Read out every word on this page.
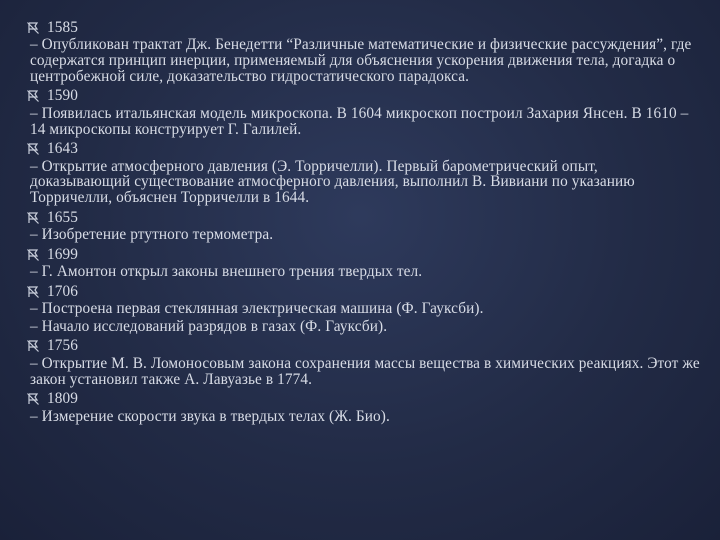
1585
– Опубликован трактат Дж. Бенедетти “Различные математические и физические рассуждения”, где содержатся принцип инерции, применяемый для объяснения ускорения движения тела, догадка о центробежной силе, доказательство гидростатического парадокса.
1590
– Появилась итальянская модель микроскопа. В 1604 микроскоп построил Захария Янсен. В 1610 – 14 микроскопы конструирует Г. Галилей.
1643
– Открытие атмосферного давления (Э. Торричелли). Первый барометрический опыт, доказывающий существование атмосферного давления, выполнил В. Вивиани по указанию Торричелли, объяснен Торричелли в 1644.
1655
– Изобретение ртутного термометра.
1699
– Г. Амонтон открыл законы внешнего трения твердых тел.
1706
– Построена первая стеклянная электрическая машина (Ф. Гауксби).
– Начало исследований разрядов в газах (Ф. Гауксби).
1756
– Открытие М. В. Ломоносовым закона сохранения массы вещества в химических реакциях. Этот же закон установил также А. Лавуазье в 1774.
1809
– Измерение скорости звука в твердых телах (Ж. Био).
